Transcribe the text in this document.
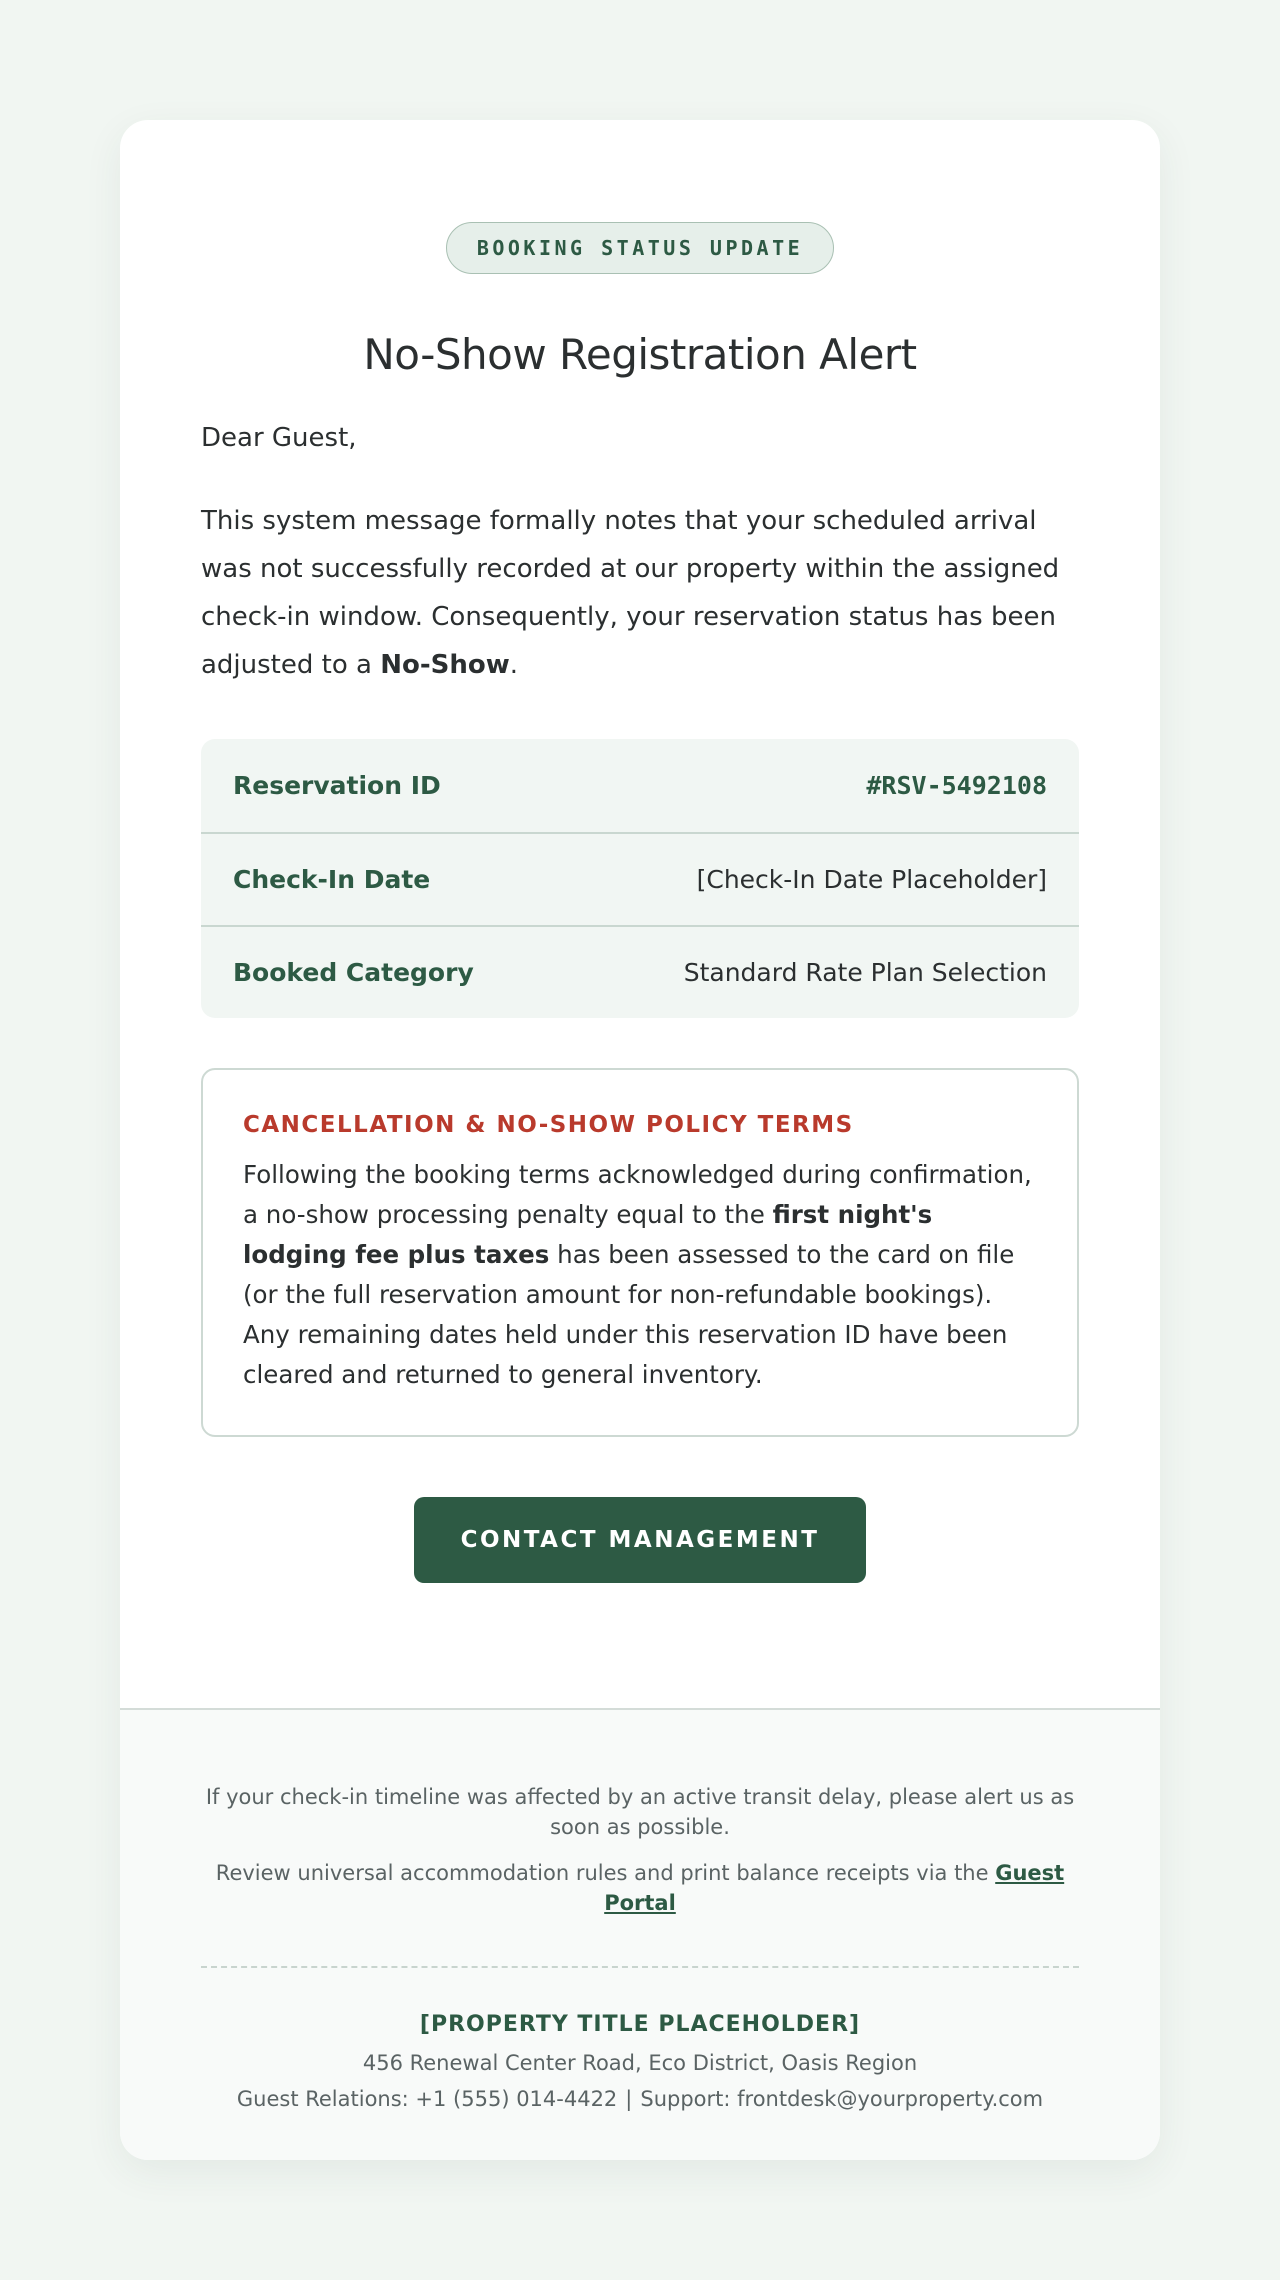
BOOKING STATUS UPDATE
No-Show Registration Alert
Dear Guest,
This system message formally notes that your scheduled arrival was not successfully recorded at our property within the assigned check-in window. Consequently, your reservation status has been adjusted to a No-Show.
Reservation ID	#RSV-5492108
Check-In Date	[Check-In Date Placeholder]
Booked Category	Standard Rate Plan Selection
CANCELLATION & NO-SHOW POLICY TERMS
Following the booking terms acknowledged during confirmation, a no-show processing penalty equal to the first night's lodging fee plus taxes has been assessed to the card on file (or the full reservation amount for non-refundable bookings). Any remaining dates held under this reservation ID have been cleared and returned to general inventory.
CONTACT MANAGEMENT
If your check-in timeline was affected by an active transit delay, please alert us as soon as possible.
Review universal accommodation rules and print balance receipts via the Guest Portal
[PROPERTY TITLE PLACEHOLDER]
456 Renewal Center Road, Eco District, Oasis Region
Guest Relations: +1 (555) 014-4422 | Support: frontdesk@yourproperty.com
